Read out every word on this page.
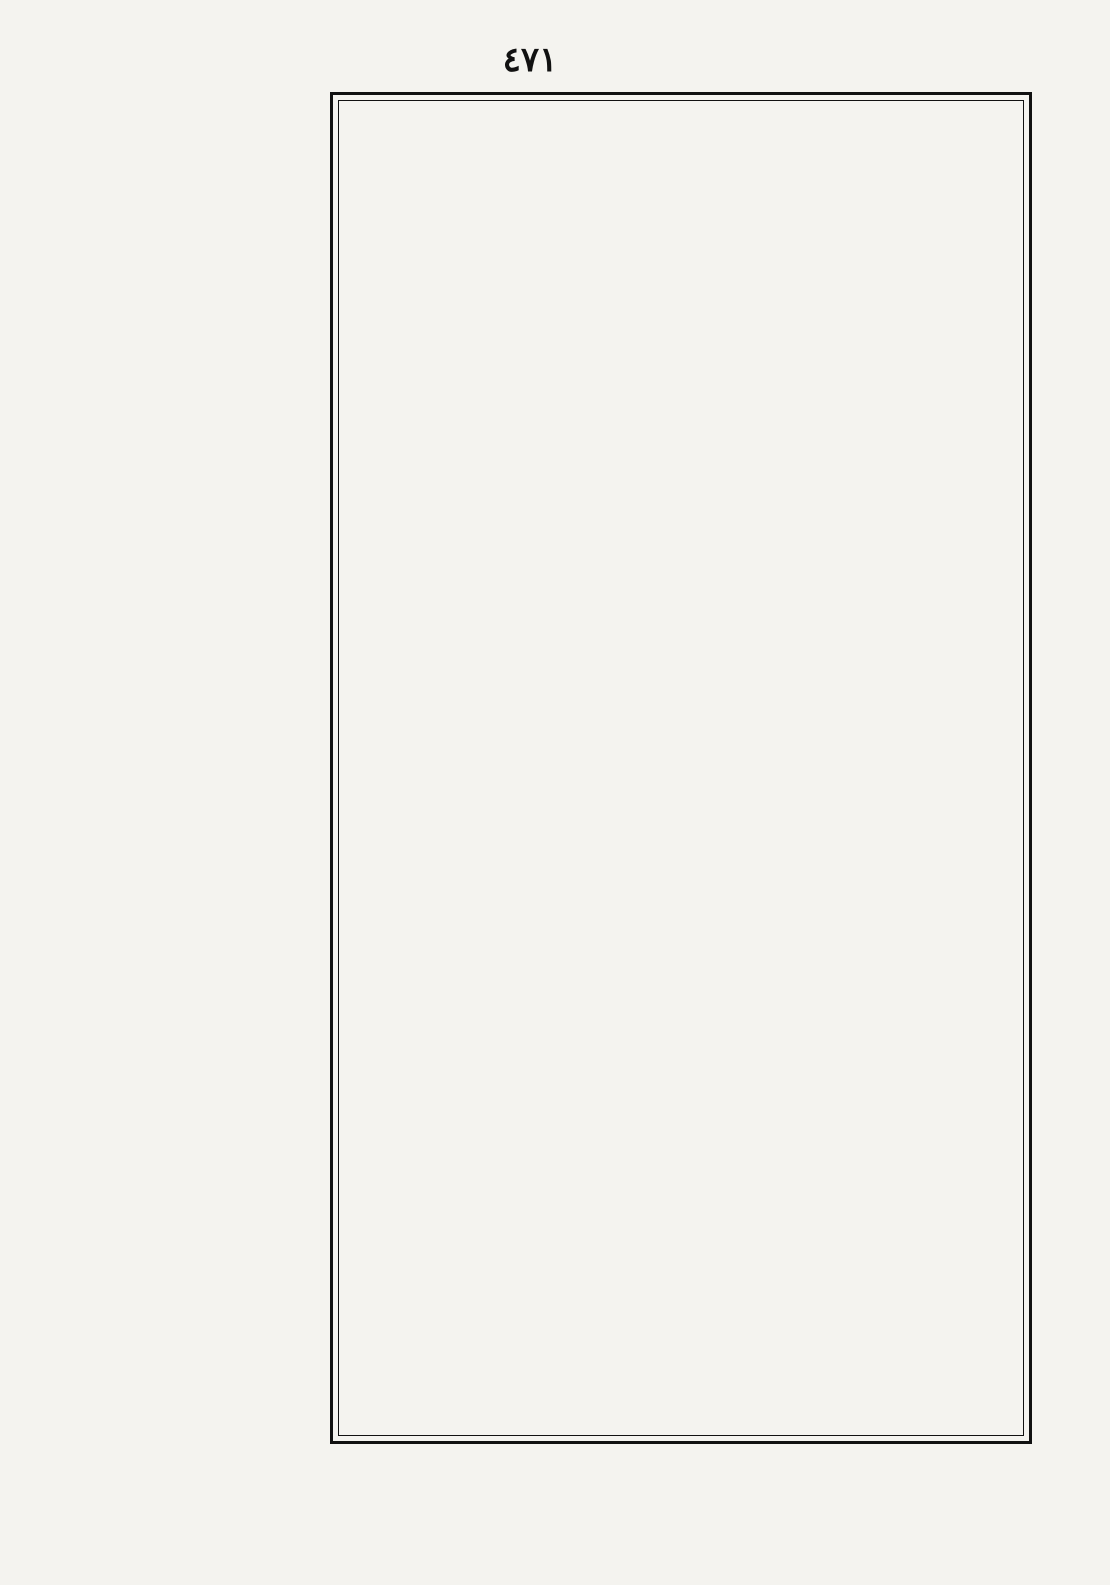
٤٧١
